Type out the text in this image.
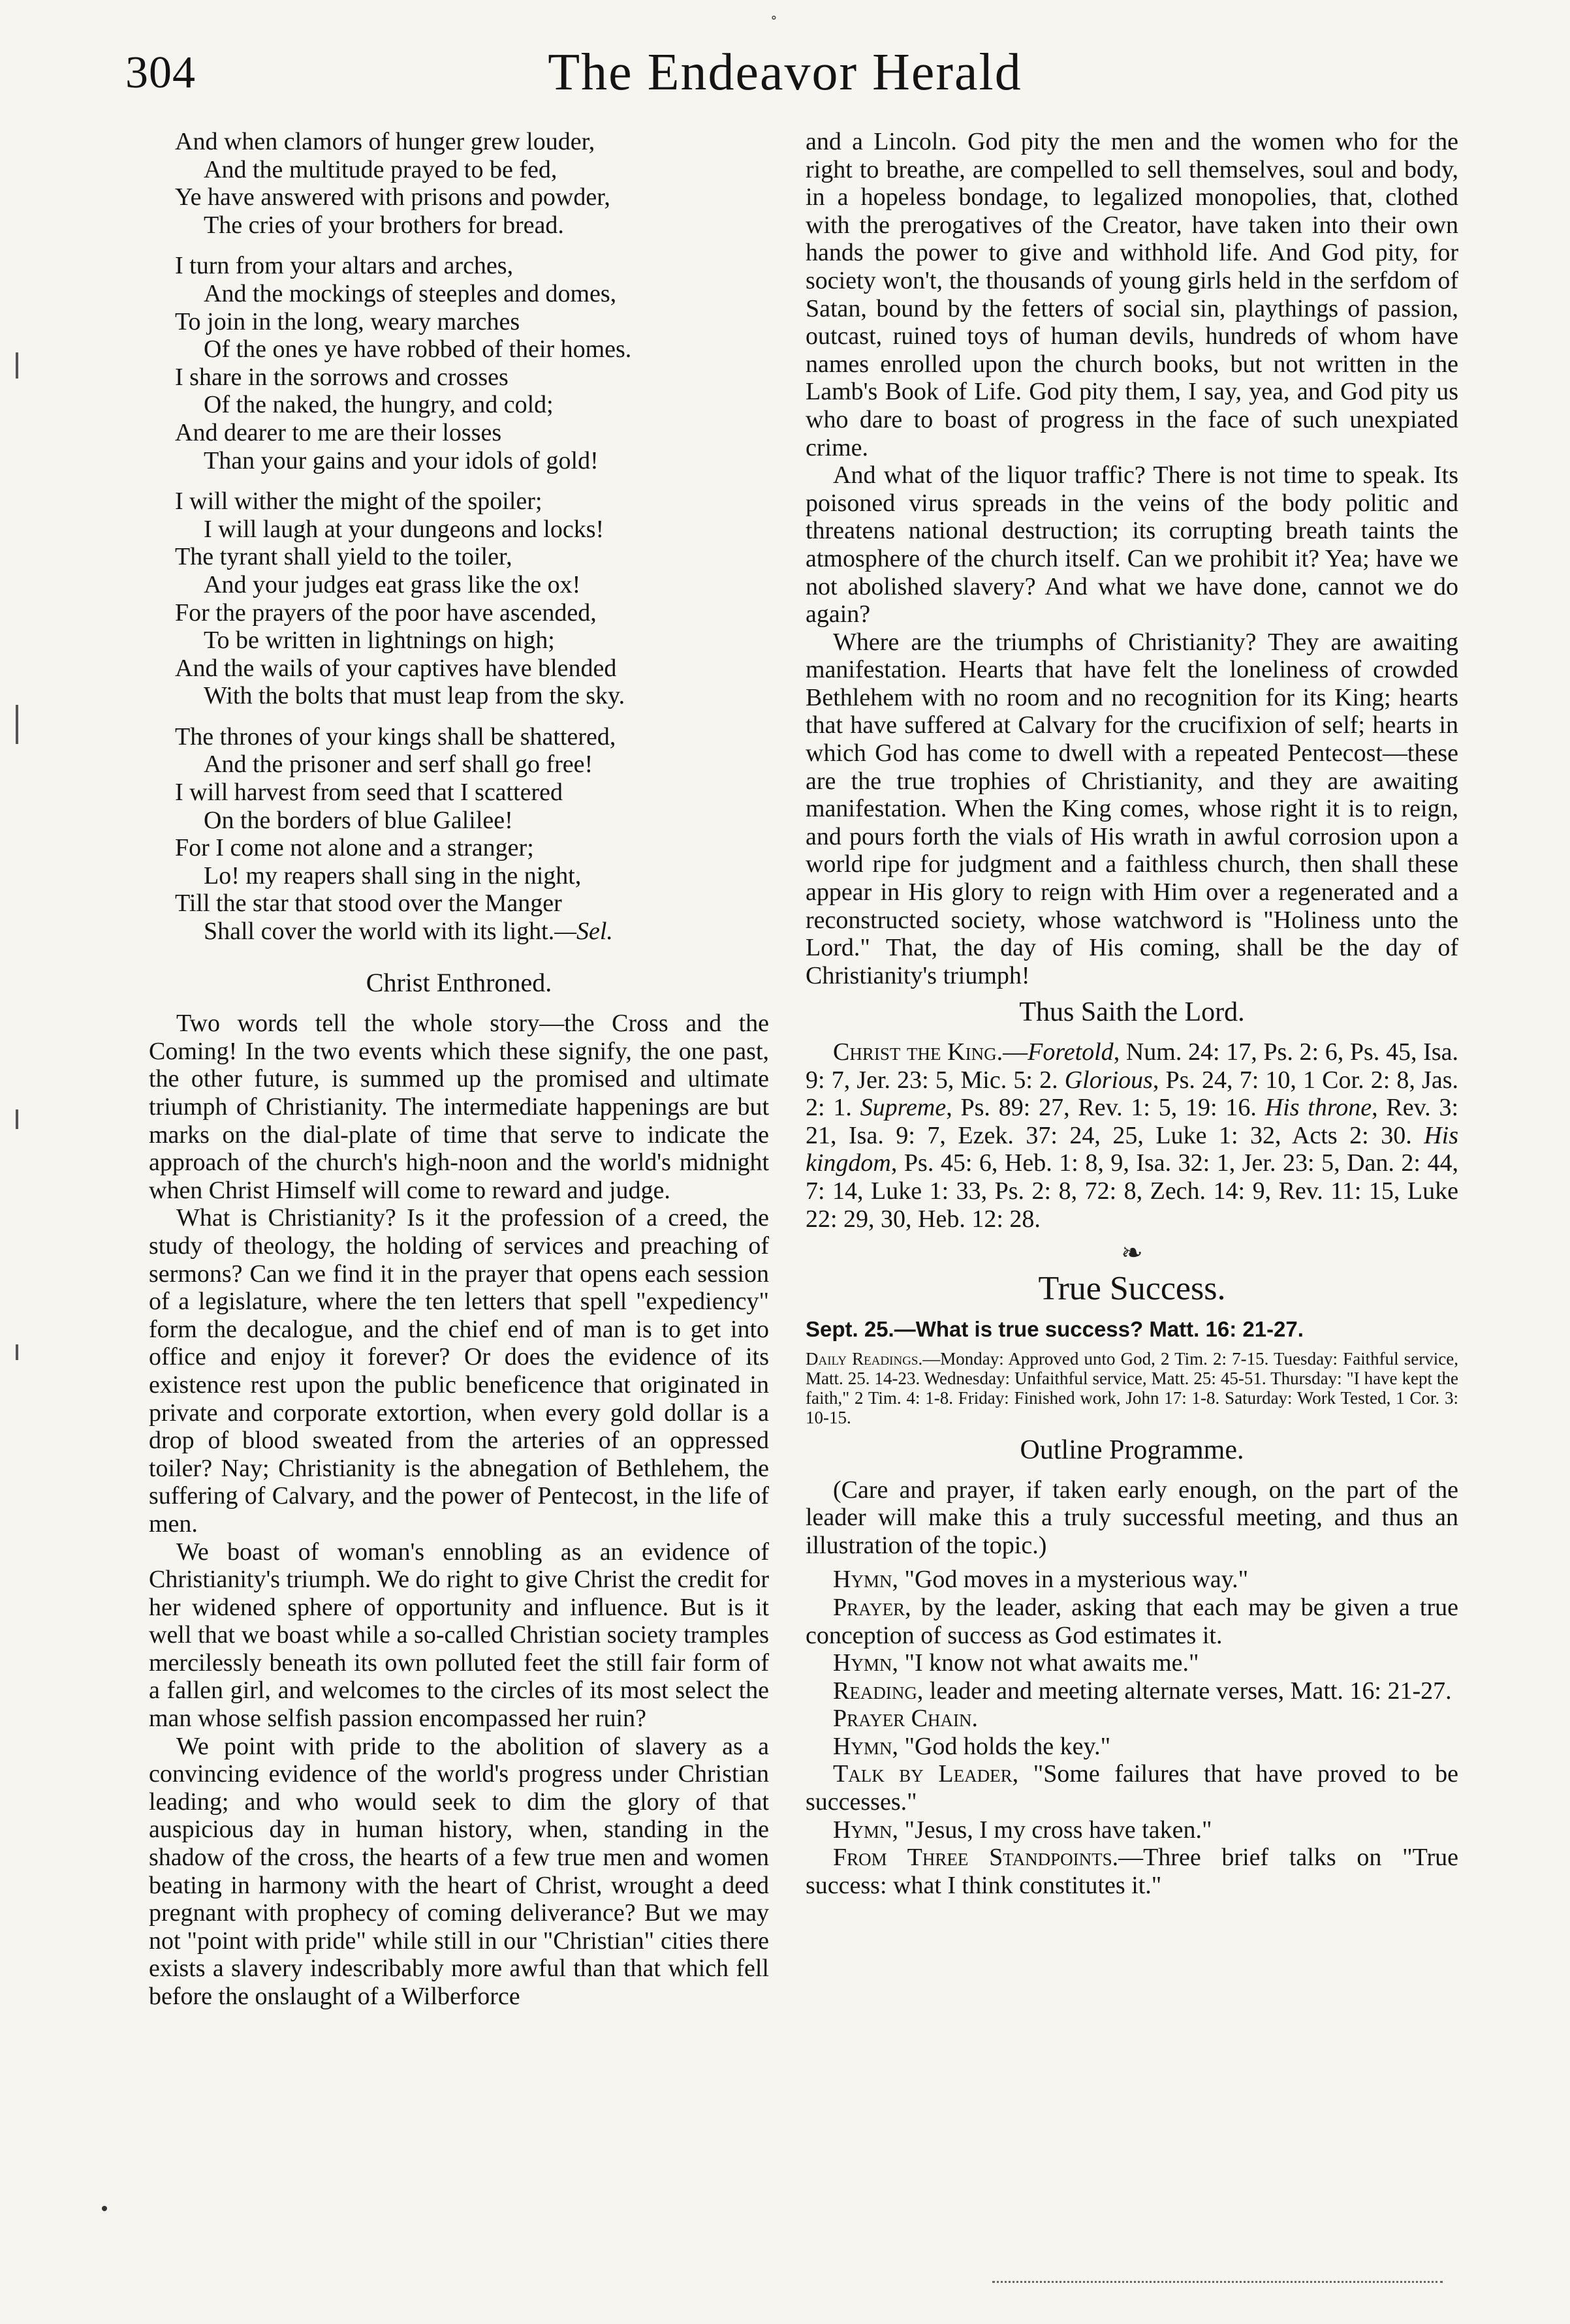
∘
304	The Endeavor Herald
And when clamors of hunger grew louder,
And the multitude prayed to be fed,
Ye have answered with prisons and powder,
The cries of your brothers for bread.
I turn from your altars and arches,
And the mockings of steeples and domes,
To join in the long, weary marches
Of the ones ye have robbed of their homes.
I share in the sorrows and crosses
Of the naked, the hungry, and cold;
And dearer to me are their losses
Than your gains and your idols of gold!
I will wither the might of the spoiler;
I will laugh at your dungeons and locks!
The tyrant shall yield to the toiler,
And your judges eat grass like the ox!
For the prayers of the poor have ascended,
To be written in lightnings on high;
And the wails of your captives have blended
With the bolts that must leap from the sky.
The thrones of your kings shall be shattered,
And the prisoner and serf shall go free!
I will harvest from seed that I scattered
On the borders of blue Galilee!
For I come not alone and a stranger;
Lo! my reapers shall sing in the night,
Till the star that stood over the Manger
Shall cover the world with its light.—Sel.
Christ Enthroned.

Two words tell the whole story—the Cross and the Coming! In the two events which these signify, the one past, the other future, is summed up the promised and ultimate triumph of Christianity. The intermediate happenings are but marks on the dial-plate of time that serve to indicate the approach of the church's high-noon and the world's midnight when Christ Himself will come to reward and judge.

What is Christianity? Is it the profession of a creed, the study of theology, the holding of services and preaching of sermons? Can we find it in the prayer that opens each session of a legislature, where the ten letters that spell "expediency" form the decalogue, and the chief end of man is to get into office and enjoy it forever? Or does the evidence of its existence rest upon the public beneficence that originated in private and corporate extortion, when every gold dollar is a drop of blood sweated from the arteries of an oppressed toiler? Nay; Christianity is the abnegation of Bethlehem, the suffering of Calvary, and the power of Pentecost, in the life of men.

We boast of woman's ennobling as an evidence of Christianity's triumph. We do right to give Christ the credit for her widened sphere of opportunity and influence. But is it well that we boast while a so-called Christian society tramples mercilessly beneath its own polluted feet the still fair form of a fallen girl, and welcomes to the circles of its most select the man whose selfish passion encompassed her ruin?

We point with pride to the abolition of slavery as a convincing evidence of the world's progress under Christian leading; and who would seek to dim the glory of that auspicious day in human history, when, standing in the shadow of the cross, the hearts of a few true men and women beating in harmony with the heart of Christ, wrought a deed pregnant with prophecy of coming deliverance? But we may not "point with pride" while still in our "Christian" cities there exists a slavery indescribably more awful than that which fell before the onslaught of a Wilberforce

and a Lincoln. God pity the men and the women who for the right to breathe, are compelled to sell themselves, soul and body, in a hopeless bondage, to legalized monopolies, that, clothed with the prerogatives of the Creator, have taken into their own hands the power to give and withhold life. And God pity, for society won't, the thousands of young girls held in the serfdom of Satan, bound by the fetters of social sin, playthings of passion, outcast, ruined toys of human devils, hundreds of whom have names enrolled upon the church books, but not written in the Lamb's Book of Life. God pity them, I say, yea, and God pity us who dare to boast of progress in the face of such unexpiated crime.

And what of the liquor traffic? There is not time to speak. Its poisoned virus spreads in the veins of the body politic and threatens national destruction; its corrupting breath taints the atmosphere of the church itself. Can we prohibit it? Yea; have we not abolished slavery? And what we have done, cannot we do again?

Where are the triumphs of Christianity? They are awaiting manifestation. Hearts that have felt the loneliness of crowded Bethlehem with no room and no recognition for its King; hearts that have suffered at Calvary for the crucifixion of self; hearts in which God has come to dwell with a repeated Pentecost—these are the true trophies of Christianity, and they are awaiting manifestation. When the King comes, whose right it is to reign, and pours forth the vials of His wrath in awful corrosion upon a world ripe for judgment and a faithless church, then shall these appear in His glory to reign with Him over a regenerated and a reconstructed society, whose watchword is "Holiness unto the Lord." That, the day of His coming, shall be the day of Christianity's triumph!

Thus Saith the Lord.

Christ the King.—Foretold, Num. 24: 17, Ps. 2: 6, Ps. 45, Isa. 9: 7, Jer. 23: 5, Mic. 5: 2. Glorious, Ps. 24, 7: 10, 1 Cor. 2: 8, Jas. 2: 1. Supreme, Ps. 89: 27, Rev. 1: 5, 19: 16. His throne, Rev. 3: 21, Isa. 9: 7, Ezek. 37: 24, 25, Luke 1: 32, Acts 2: 30. His kingdom, Ps. 45: 6, Heb. 1: 8, 9, Isa. 32: 1, Jer. 23: 5, Dan. 2: 44, 7: 14, Luke 1: 33, Ps. 2: 8, 72: 8, Zech. 14: 9, Rev. 11: 15, Luke 22: 29, 30, Heb. 12: 28.

❧
True Success.
Sept. 25.—What is true success? Matt. 16: 21-27.

Daily Readings.—Monday: Approved unto God, 2 Tim. 2: 7-15. Tuesday: Faithful service, Matt. 25. 14-23. Wednesday: Unfaithful service, Matt. 25: 45-51. Thursday: "I have kept the faith," 2 Tim. 4: 1-8. Friday: Finished work, John 17: 1-8. Saturday: Work Tested, 1 Cor. 3: 10-15.

Outline Programme.

(Care and prayer, if taken early enough, on the part of the leader will make this a truly successful meeting, and thus an illustration of the topic.)

Hymn, "God moves in a mysterious way."

Prayer, by the leader, asking that each may be given a true conception of success as God estimates it.

Hymn, "I know not what awaits me."

Reading, leader and meeting alternate verses, Matt. 16: 21-27.

Prayer Chain.

Hymn, "God holds the key."

Talk by Leader, "Some failures that have proved to be successes."

Hymn, "Jesus, I my cross have taken."

From Three Standpoints.—Three brief talks on "True success: what I think constitutes it."
